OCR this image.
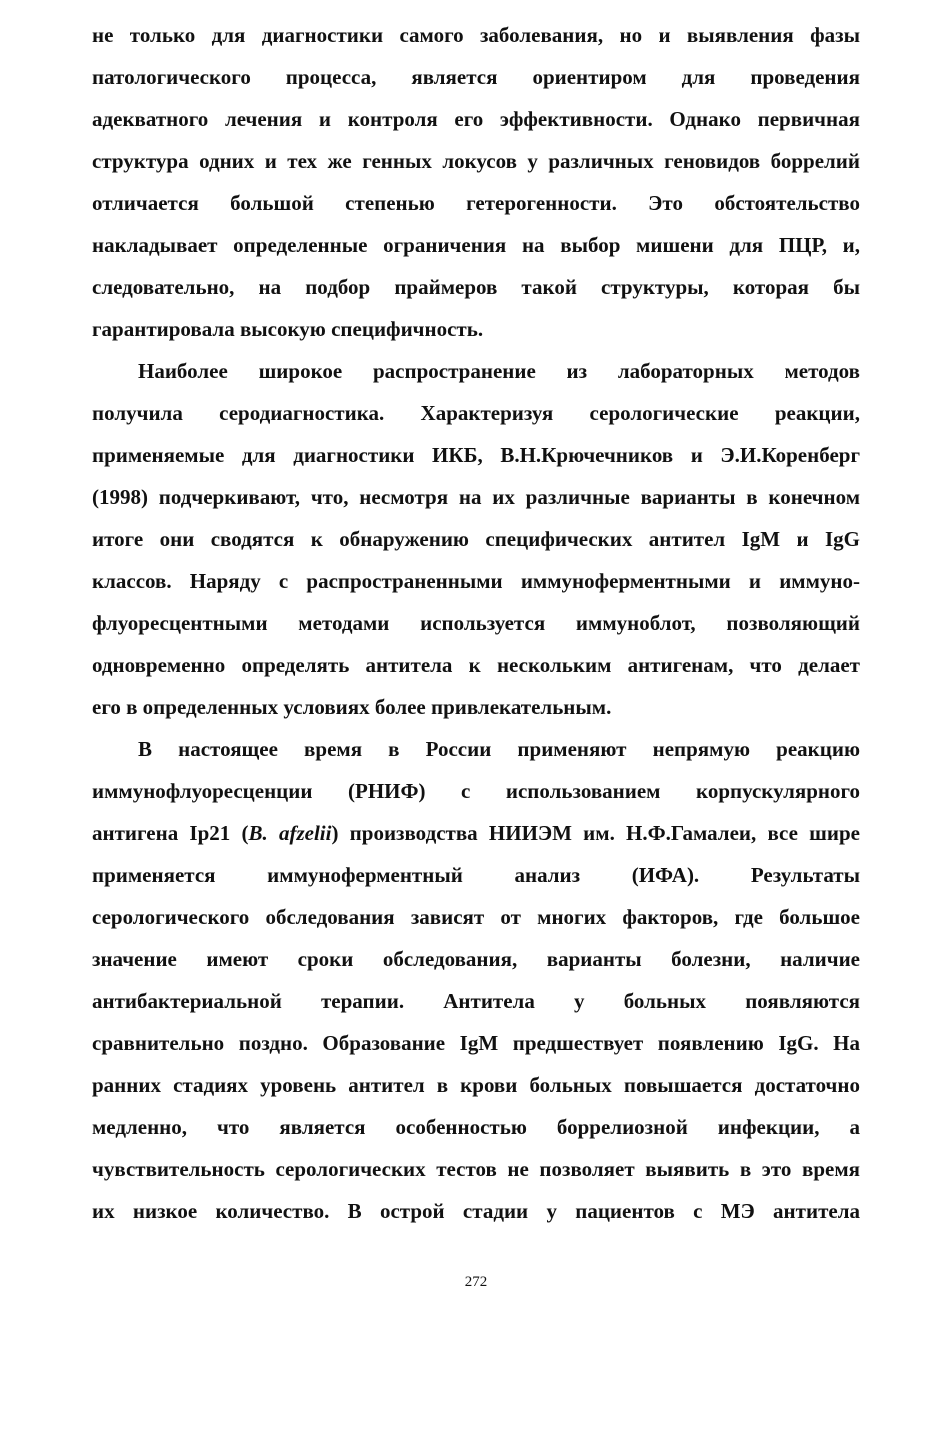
не только для диагностики самого заболевания, но и выявления фазы
патологического процесса, является ориентиром для проведения
адекватного лечения и контроля его эффективности. Однако первичная
структура одних и тех же генных локусов у различных геновидов боррелий
отличается большой степенью гетерогенности. Это обстоятельство
накладывает определенные ограничения на выбор мишени для ПЦР, и,
следовательно, на подбор праймеров такой структуры, которая бы
гарантировала высокую специфичность.
Наиболее широкое распространение из лабораторных методов
получила серодиагностика. Характеризуя серологические реакции,
применяемые для диагностики ИКБ, В.Н.Крючечников и Э.И.Коренберг
(1998) подчеркивают, что, несмотря на их различные варианты в конечном
итоге они сводятся к обнаружению специфических антител IgM и IgG
классов. Наряду с распространенными иммуноферментными и иммуно-
флуоресцентными методами используется иммуноблот, позволяющий
одновременно определять антитела к нескольким антигенам, что делает
его в определенных условиях более привлекательным.
В настоящее время в России применяют непрямую реакцию
иммунофлуоресценции (РНИФ) с использованием корпускулярного
антигена Ip21 (B. afzelii) производства НИИЭМ им. Н.Ф.Гамалеи, все шире
применяется иммуноферментный анализ (ИФА). Результаты
серологического обследования зависят от многих факторов, где большое
значение имеют сроки обследования, варианты болезни, наличие
антибактериальной терапии. Антитела у больных появляются
сравнительно поздно. Образование IgM предшествует появлению IgG. На
ранних стадиях уровень антител в крови больных повышается достаточно
медленно, что является особенностью боррелиозной инфекции, а
чувствительность серологических тестов не позволяет выявить в это время
их низкое количество. В острой стадии у пациентов с МЭ антитела
272
